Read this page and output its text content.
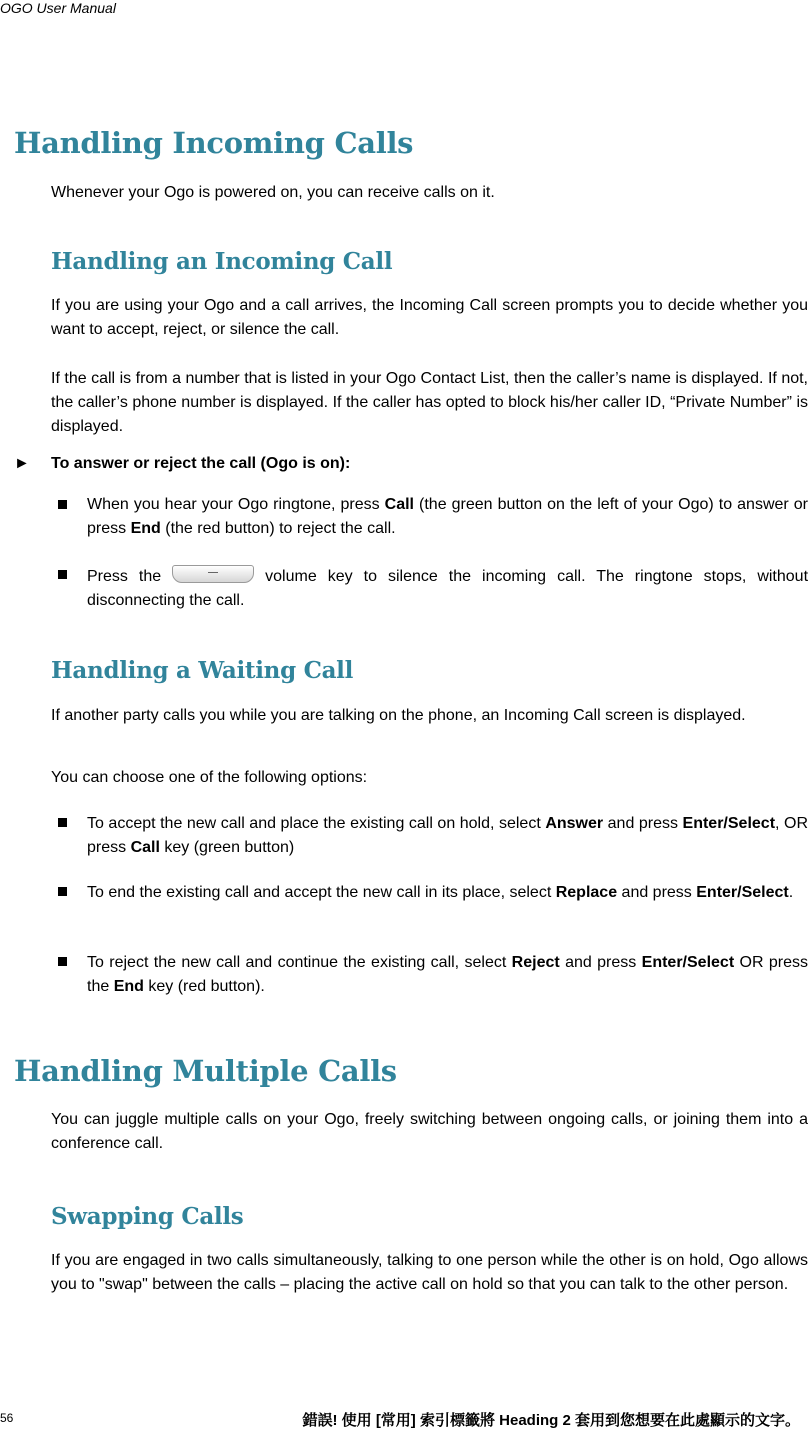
OGO User Manual
Handling Incoming Calls

Whenever your Ogo is powered on, you can receive calls on it.

Handling an Incoming Call

If you are using your Ogo and a call arrives, the Incoming Call screen prompts you to decide whether you want to accept, reject, or silence the call.

If the call is from a number that is listed in your Ogo Contact List, then the caller’s name is displayed. If not, the caller’s phone number is displayed. If the caller has opted to block his/her caller ID, “Private Number” is displayed.

► To answer or reject the call (Ogo is on):

When you hear your Ogo ringtone, press Call (the green button on the left of your Ogo) to answer or press End (the red button) to reject the call.

Press the	volume key to silence the incoming call. The ringtone stops, without disconnecting the call.

Handling a Waiting Call

If another party calls you while you are talking on the phone, an Incoming Call screen is displayed.

You can choose one of the following options:

To accept the new call and place the existing call on hold, select Answer and press Enter/Select, OR press Call key (green button)

To end the existing call and accept the new call in its place, select Replace and press Enter/Select.

To reject the new call and continue the existing call, select Reject and press Enter/Select OR press the End key (red button).

Handling Multiple Calls

You can juggle multiple calls on your Ogo, freely switching between ongoing calls, or joining them into a conference call.

Swapping Calls

If you are engaged in two calls simultaneously, talking to one person while the other is on hold, Ogo allows you to "swap" between the calls – placing the active call on hold so that you can talk to the other person.

56	錯誤! 使用 [常用] 索引標籤將 Heading 2 套用到您想要在此處顯示的文字。
